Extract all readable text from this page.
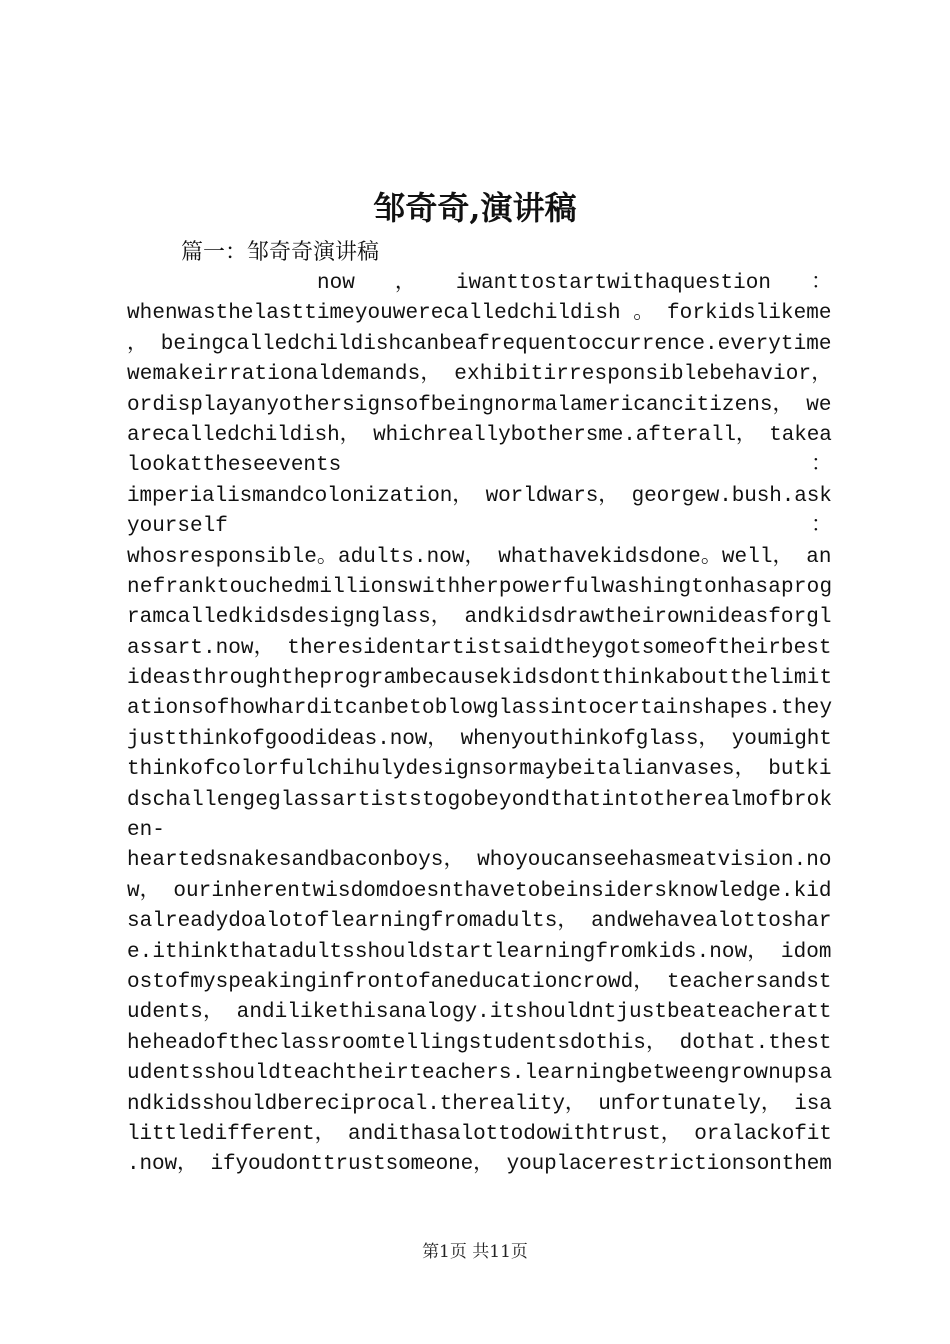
邹奇奇,演讲稿
篇一：邹奇奇演讲稿
now ， iwanttostartwithaquestion ：
whenwasthelasttimeyouwerecalledchildish 。 forkidslikeme
， beingcalledchildishcanbeafrequentoccurrence.everytime
wemakeirrationaldemands， exhibitirresponsiblebehavior，
ordisplayanyothersignsofbeingnormalamericancitizens， we
arecalledchildish， whichreallybothersme.afterall， takea
lookattheseevents	：
imperialismandcolonization， worldwars， georgew.bush.ask
yourself	：
whosresponsible。adults.now， whathavekidsdone。well， an
nefranktouchedmillionswithherpowerfulwashingtonhasaprog
ramcalledkidsdesignglass， andkidsdrawtheirownideasforgl
assart.now， theresidentartistsaidtheygotsomeoftheirbest
ideasthroughtheprogrambecausekidsdontthinkaboutthelimit
ationsofhowharditcanbetoblowglassintocertainshapes.they
justthinkofgoodideas.now， whenyouthinkofglass， youmight
thinkofcolorfulchihulydesignsormaybeitalianvases， butki
dschallengeglassartiststogobeyondthatintotherealmofbrok
en-
heartedsnakesandbaconboys， whoyoucanseehasmeatvision.no
w， ourinherentwisdomdoesnthavetobeinsidersknowledge.kid
salreadydoalotoflearningfromadults， andwehavealottoshar
e.ithinkthatadultsshouldstartlearningfromkids.now， idom
ostofmyspeakinginfrontofaneducationcrowd， teachersandst
udents， andilikethisanalogy.itshouldntjustbeateacheratt
heheadoftheclassroomtellingstudentsdothis， dothat.thest
udentsshouldteachtheirteachers.learningbetweengrownupsa
ndkidsshouldbereciprocal.thereality， unfortunately， isa
littledifferent， andithasalottodowithtrust， oralackofit
.now， ifyoudonttrustsomeone， youplacerestrictionsonthem
第1页 共11页
